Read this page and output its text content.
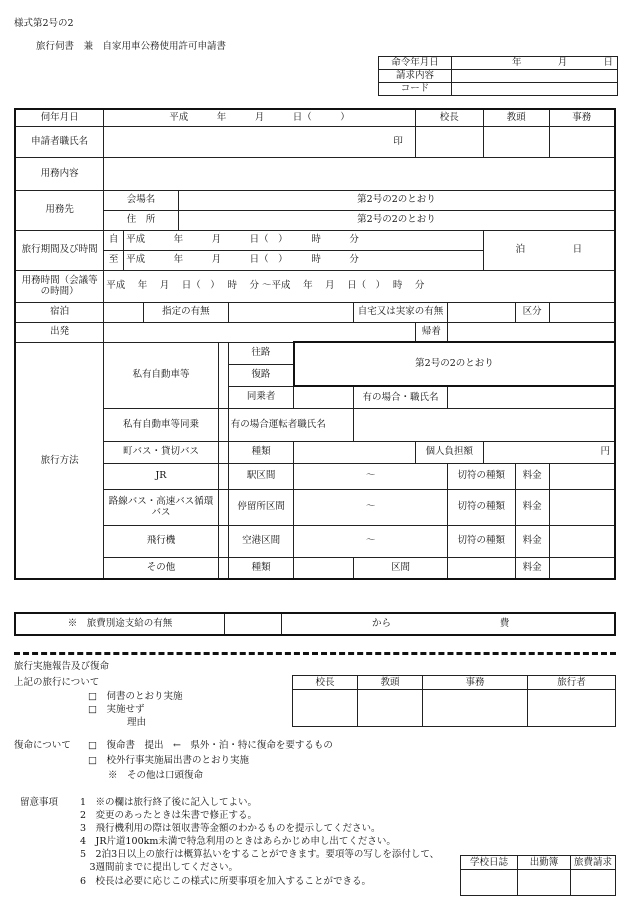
様式第2号の2
旅行伺書　兼　自家用車公務使用許可申請書
命令年月日	年 月 日
請求内容	
コード	
伺年月日	平成　　　年　　　月　　　日（　　　）								校長		教頭		事務
申請者職氏名	印												
用務内容													
用務先	会場名			第2号の2のとおり									
	住　所			第2号の2のとおり									
旅行期間及び時間	自	平成　　　年　　　月　　　日（　）　　　時　　　分									泊　　　　　日		
	至	平成　　　年　　　月　　　日（　）　　　時　　　分											
用務時間（会議等の時間）	平成　 年　 月　 日（　）　 時　 分 〜平成　 年　 月　 日（　）　 時　 分												
宿泊			指定の有無					自宅又は実家の有無				区分	
出発									帰着				
旅行方法	私有自動車等					往路	第2号の2のとおり						
						復路							
						同乗者		有の場合・職氏名					
	私有自動車等同乗					有の場合運転者職氏名							
	町バス・貸切バス					種類			個人負担額		円		
	JR					駅区間	〜			切符の種類		料金	
	路線バス・高速バス循環バス					停留所区間	〜			切符の種類		料金	
	飛行機					空港区間	〜			切符の種類		料金	
	その他					種類		区間				料金	
※　旅費別途支給の有無		から	費
旅行実施報告及び復命
上記の旅行について
□　伺書のとおり実施
□　実施せず
理由
校長	教頭	事務	旅行者

復命について □　復命書　提出　←　県外・泊・特に復命を要するもの
□　校外行事実施届出書のとおり実施
※　その他は口頭復命
留意事項 1　※の欄は旅行終了後に記入してよい。
2　変更のあったときは朱書で修正する。
3　飛行機利用の際は領収書等金額のわかるものを提示してください。
4　JR片道100km未満で特急利用のときはあらかじめ申し出てください。
5　2泊3日以上の旅行は概算払いをすることができます。要項等の写しを添付して、
　3週間前までに提出してください。
6　校長は必要に応じこの様式に所要事項を加入することができる。
学校日誌	出勤簿	旅費請求
